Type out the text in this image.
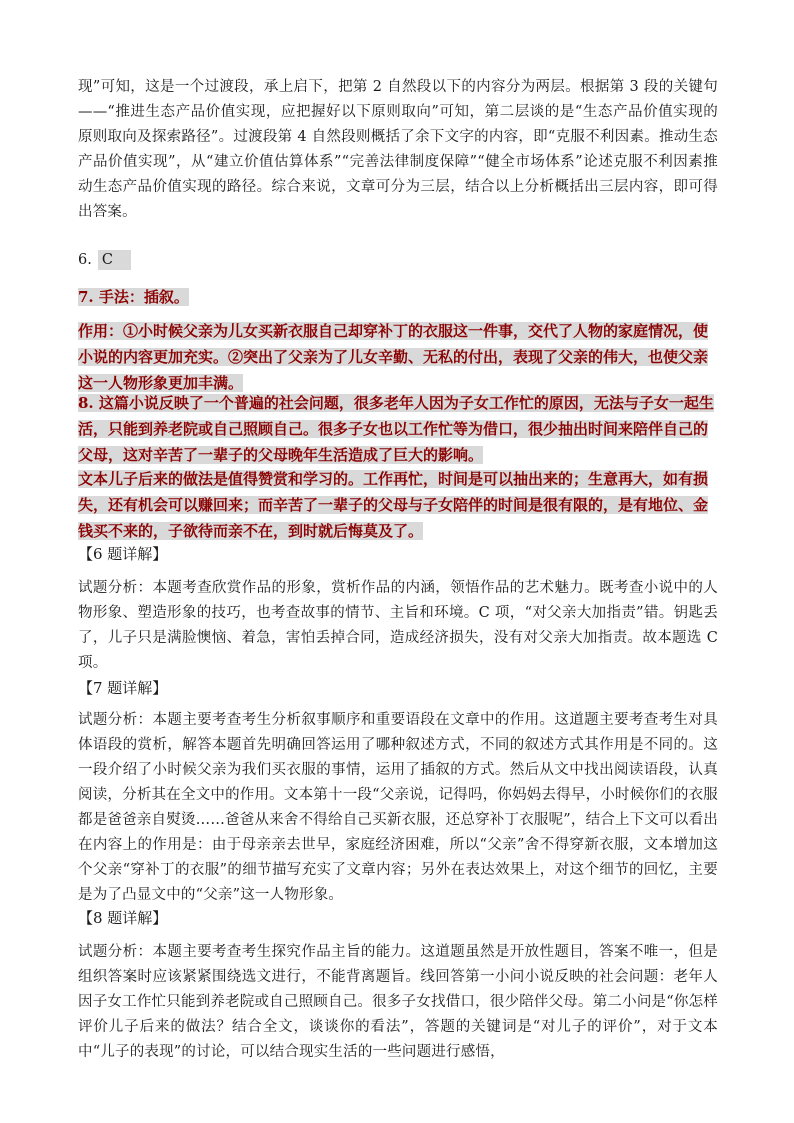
现”可知，这是一个过渡段，承上启下，把第 2 自然段以下的内容分为两层。根据第 3 段的关键句——“推进生态产品价值实现，应把握好以下原则取向”可知，第二层谈的是“生态产品价值实现的原则取向及探索路径”。过渡段第 4 自然段则概括了余下文字的内容，即“克服不利因素。推动生态产品价值实现”，从“建立价值估算体系”“完善法律制度保障”“健全市场体系”论述克服不利因素推动生态产品价值实现的路径。综合来说，文章可分为三层，结合以上分析概括出三层内容，即可得出答案。
6. C
7. 手法：插叙。
作用：①小时候父亲为儿女买新衣服自己却穿补丁的衣服这一件事，交代了人物的家庭情况，使小说的内容更加充实。②突出了父亲为了儿女辛勤、无私的付出，表现了父亲的伟大，也使父亲这一人物形象更加丰满。
8. 这篇小说反映了一个普遍的社会问题，很多老年人因为子女工作忙的原因，无法与子女一起生活，只能到养老院或自己照顾自己。很多子女也以工作忙等为借口，很少抽出时间来陪伴自己的父母，这对辛苦了一辈子的父母晚年生活造成了巨大的影响。
文本儿子后来的做法是值得赞赏和学习的。工作再忙，时间是可以抽出来的；生意再大，如有损失，还有机会可以赚回来；而辛苦了一辈子的父母与子女陪伴的时间是很有限的，是有地位、金钱买不来的，子欲待而亲不在，到时就后悔莫及了。
【6 题详解】
试题分析：本题考查欣赏作品的形象，赏析作品的内涵，领悟作品的艺术魅力。既考查小说中的人物形象、塑造形象的技巧，也考查故事的情节、主旨和环境。C 项，“对父亲大加指责”错。钥匙丢了，儿子只是满脸懊恼、着急，害怕丢掉合同，造成经济损失，没有对父亲大加指责。故本题选 C 项。
【7 题详解】
试题分析：本题主要考查考生分析叙事顺序和重要语段在文章中的作用。这道题主要考查考生对具体语段的赏析，解答本题首先明确回答运用了哪种叙述方式，不同的叙述方式其作用是不同的。这一段介绍了小时候父亲为我们买衣服的事情，运用了插叙的方式。然后从文中找出阅读语段，认真阅读，分析其在全文中的作用。文本第十一段“父亲说，记得吗，你妈妈去得早，小时候你们的衣服都是爸爸亲自熨烫……爸爸从来舍不得给自己买新衣服，还总穿补丁衣服呢”，结合上下文可以看出在内容上的作用是：由于母亲亲去世早，家庭经济困难，所以“父亲”舍不得穿新衣服，文本增加这个父亲“穿补丁的衣服”的细节描写充实了文章内容；另外在表达效果上，对这个细节的回忆，主要是为了凸显文中的“父亲”这一人物形象。
【8 题详解】
试题分析：本题主要考查考生探究作品主旨的能力。这道题虽然是开放性题目，答案不唯一，但是组织答案时应该紧紧围绕选文进行，不能背离题旨。线回答第一小问小说反映的社会问题：老年人因子女工作忙只能到养老院或自己照顾自己。很多子女找借口，很少陪伴父母。第二小问是“你怎样评价儿子后来的做法？结合全文，谈谈你的看法”，答题的关键词是“对儿子的评价”，对于文本中“儿子的表现”的讨论，可以结合现实生活的一些问题进行感悟，
